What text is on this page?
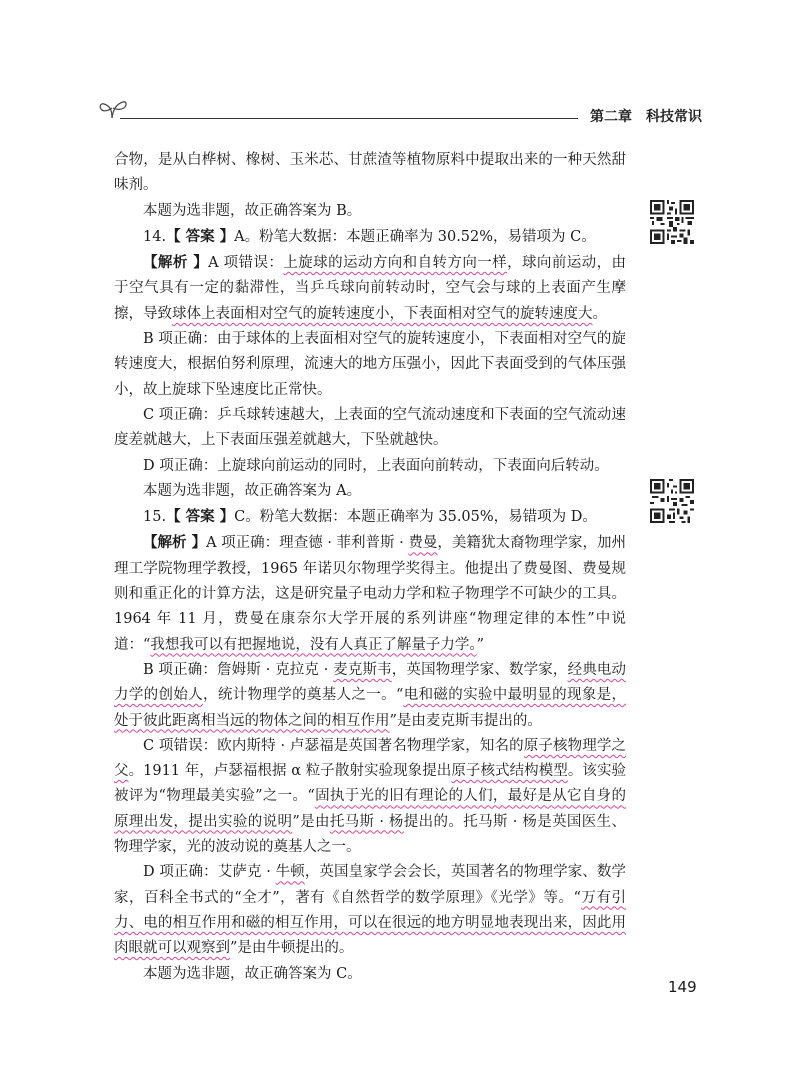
第二章 科技常识

合物，是从白桦树、橡树、玉米芯、甘蔗渣等植物原料中提取出来的一种天然甜味剂。

本题为选非题，故正确答案为 B。

14.【 答案 】A。粉笔大数据：本题正确率为 30.52%，易错项为 C。

【解析 】A 项错误：上旋球的运动方向和自转方向一样，球向前运动，由于空气具有一定的黏滞性，当乒乓球向前转动时，空气会与球的上表面产生摩擦，导致球体上表面相对空气的旋转速度小，下表面相对空气的旋转速度大。

B 项正确：由于球体的上表面相对空气的旋转速度小，下表面相对空气的旋转速度大，根据伯努利原理，流速大的地方压强小，因此下表面受到的气体压强小，故上旋球下坠速度比正常快。

C 项正确：乒乓球转速越大，上表面的空气流动速度和下表面的空气流动速度差就越大，上下表面压强差就越大，下坠就越快。

D 项正确：上旋球向前运动的同时，上表面向前转动，下表面向后转动。

本题为选非题，故正确答案为 A。

15.【 答案 】C。粉笔大数据：本题正确率为 35.05%，易错项为 D。

【解析 】A 项正确：理查德 · 菲利普斯 · 费曼，美籍犹太裔物理学家，加州理工学院物理学教授，1965 年诺贝尔物理学奖得主。他提出了费曼图、费曼规则和重正化的计算方法，这是研究量子电动力学和粒子物理学不可缺少的工具。1964 年 11 月，费曼在康奈尔大学开展的系列讲座“物理定律的本性”中说道：“我想我可以有把握地说，没有人真正了解量子力学。”

B 项正确：詹姆斯 · 克拉克 · 麦克斯韦，英国物理学家、数学家，经典电动力学的创始人，统计物理学的奠基人之一。“电和磁的实验中最明显的现象是，处于彼此距离相当远的物体之间的相互作用”是由麦克斯韦提出的。

C 项错误：欧内斯特 · 卢瑟福是英国著名物理学家，知名的原子核物理学之父。1911 年，卢瑟福根据 α 粒子散射实验现象提出原子核式结构模型。该实验被评为“物理最美实验”之一。“固执于光的旧有理论的人们，最好是从它自身的原理出发，提出实验的说明”是由托马斯 · 杨提出的。托马斯 · 杨是英国医生、物理学家，光的波动说的奠基人之一。

D 项正确：艾萨克 · 牛顿，英国皇家学会会长，英国著名的物理学家、数学家，百科全书式的“全才”，著有《自然哲学的数学原理》《光学》等。“万有引力、电的相互作用和磁的相互作用，可以在很远的地方明显地表现出来，因此用肉眼就可以观察到”是由牛顿提出的。

本题为选非题，故正确答案为 C。

149
